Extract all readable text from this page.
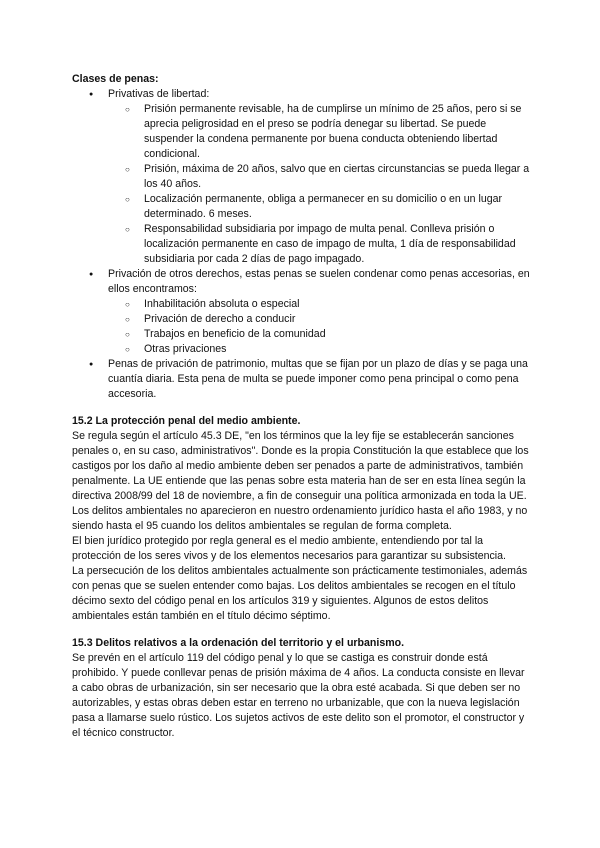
Clases de penas:

● Privativas de libertad:
○ Prisión permanente revisable, ha de cumplirse un mínimo de 25 años, pero si se aprecia peligrosidad en el preso se podría denegar su libertad. Se puede suspender la condena permanente por buena conducta obteniendo libertad condicional.
○ Prisión, máxima de 20 años, salvo que en ciertas circunstancias se pueda llegar a los 40 años.
○ Localización permanente, obliga a permanecer en su domicilio o en un lugar determinado. 6 meses.
○ Responsabilidad subsidiaria por impago de multa penal. Conlleva prisión o localización permanente en caso de impago de multa, 1 día de responsabilidad subsidiaria por cada 2 días de pago impagado.
● Privación de otros derechos, estas penas se suelen condenar como penas accesorias, en ellos encontramos:
○ Inhabilitación absoluta o especial
○ Privación de derecho a conducir
○ Trabajos en beneficio de la comunidad
○ Otras privaciones
● Penas de privación de patrimonio, multas que se fijan por un plazo de días y se paga una cuantía diaria. Esta pena de multa se puede imponer como pena principal o como pena accesoria.

15.2 La protección penal del medio ambiente.

Se regula según el artículo 45.3 DE, "en los términos que la ley fije se establecerán sanciones penales o, en su caso, administrativos". Donde es la propia Constitución la que establece que los castigos por los daño al medio ambiente deben ser penados a parte de administrativos, también penalmente. La UE entiende que las penas sobre esta materia han de ser en esta línea según la directiva 2008/99 del 18 de noviembre, a fin de conseguir una política armonizada en toda la UE.

Los delitos ambientales no aparecieron en nuestro ordenamiento jurídico hasta el año 1983, y no siendo hasta el 95 cuando los delitos ambientales se regulan de forma completa.

El bien jurídico protegido por regla general es el medio ambiente, entendiendo por tal la protección de los seres vivos y de los elementos necesarios para garantizar su subsistencia.

La persecución de los delitos ambientales actualmente son prácticamente testimoniales, además con penas que se suelen entender como bajas. Los delitos ambientales se recogen en el título décimo sexto del código penal en los artículos 319 y siguientes. Algunos de estos delitos ambientales están también en el título décimo séptimo.

15.3 Delitos relativos a la ordenación del territorio y el urbanismo.

Se prevén en el artículo 119 del código penal y lo que se castiga es construir donde está prohibido. Y puede conllevar penas de prisión máxima de 4 años. La conducta consiste en llevar a cabo obras de urbanización, sin ser necesario que la obra esté acabada. Si que deben ser no autorizables, y estas obras deben estar en terreno no urbanizable, que con la nueva legislación pasa a llamarse suelo rústico. Los sujetos activos de este delito son el promotor, el constructor y el técnico constructor.
